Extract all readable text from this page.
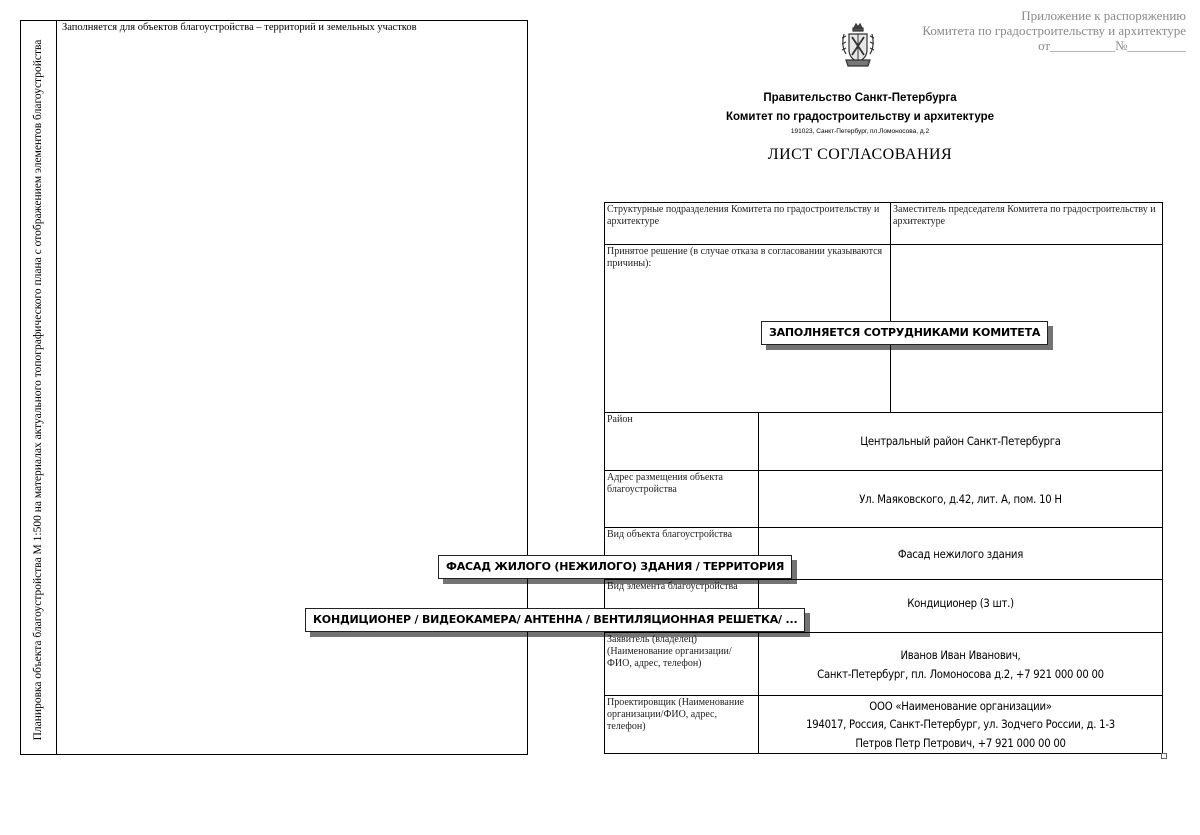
Планировка объекта благоустройства М 1:500 на материалах актуального топографического плана с отображением элементов благоустройства
Заполняется для объектов благоустройства – территорий и земельных участков
Приложение к распоряжению
Комитета по градостроительству и архитектуре
от__________№_________
Правительство Санкт-Петербурга
Комитет по градостроительству и архитектуре
191023, Санкт-Петербург, пл.Ломоносова, д.2
ЛИСТ СОГЛАСОВАНИЯ
Структурные подразделения Комитета по градостроительству и архитектуре
Заместитель председателя Комитета по градостроительству и архитектуре
Принятое решение (в случае отказа в согласовании указываются причины):
Район
Центральный район Санкт-Петербурга
Адрес размещения объекта благоустройства
Ул. Маяковского, д.42, лит. А, пом. 10 Н
Вид объекта благоустройства
Фасад нежилого здания
Вид элемента благоустройства
Кондиционер (3 шт.)
Заявитель (владелец) (Наименование организации/ФИО, адрес, телефон)
Иванов Иван Иванович,
Санкт-Петербург, пл. Ломоносова д.2, +7 921 000 00 00
Проектировщик (Наименование организации/ФИО, адрес, телефон)
ООО «Наименование организации»
194017, Россия, Санкт-Петербург, ул. Зодчего России, д. 1-3
Петров Петр Петрович, +7 921 000 00 00
ЗАПОЛНЯЕТСЯ СОТРУДНИКАМИ КОМИТЕТА
ФАСАД ЖИЛОГО (НЕЖИЛОГО) ЗДАНИЯ / ТЕРРИТОРИЯ
КОНДИЦИОНЕР / ВИДЕОКАМЕРА/ АНТЕННА / ВЕНТИЛЯЦИОННАЯ РЕШЕТКА/ ...
